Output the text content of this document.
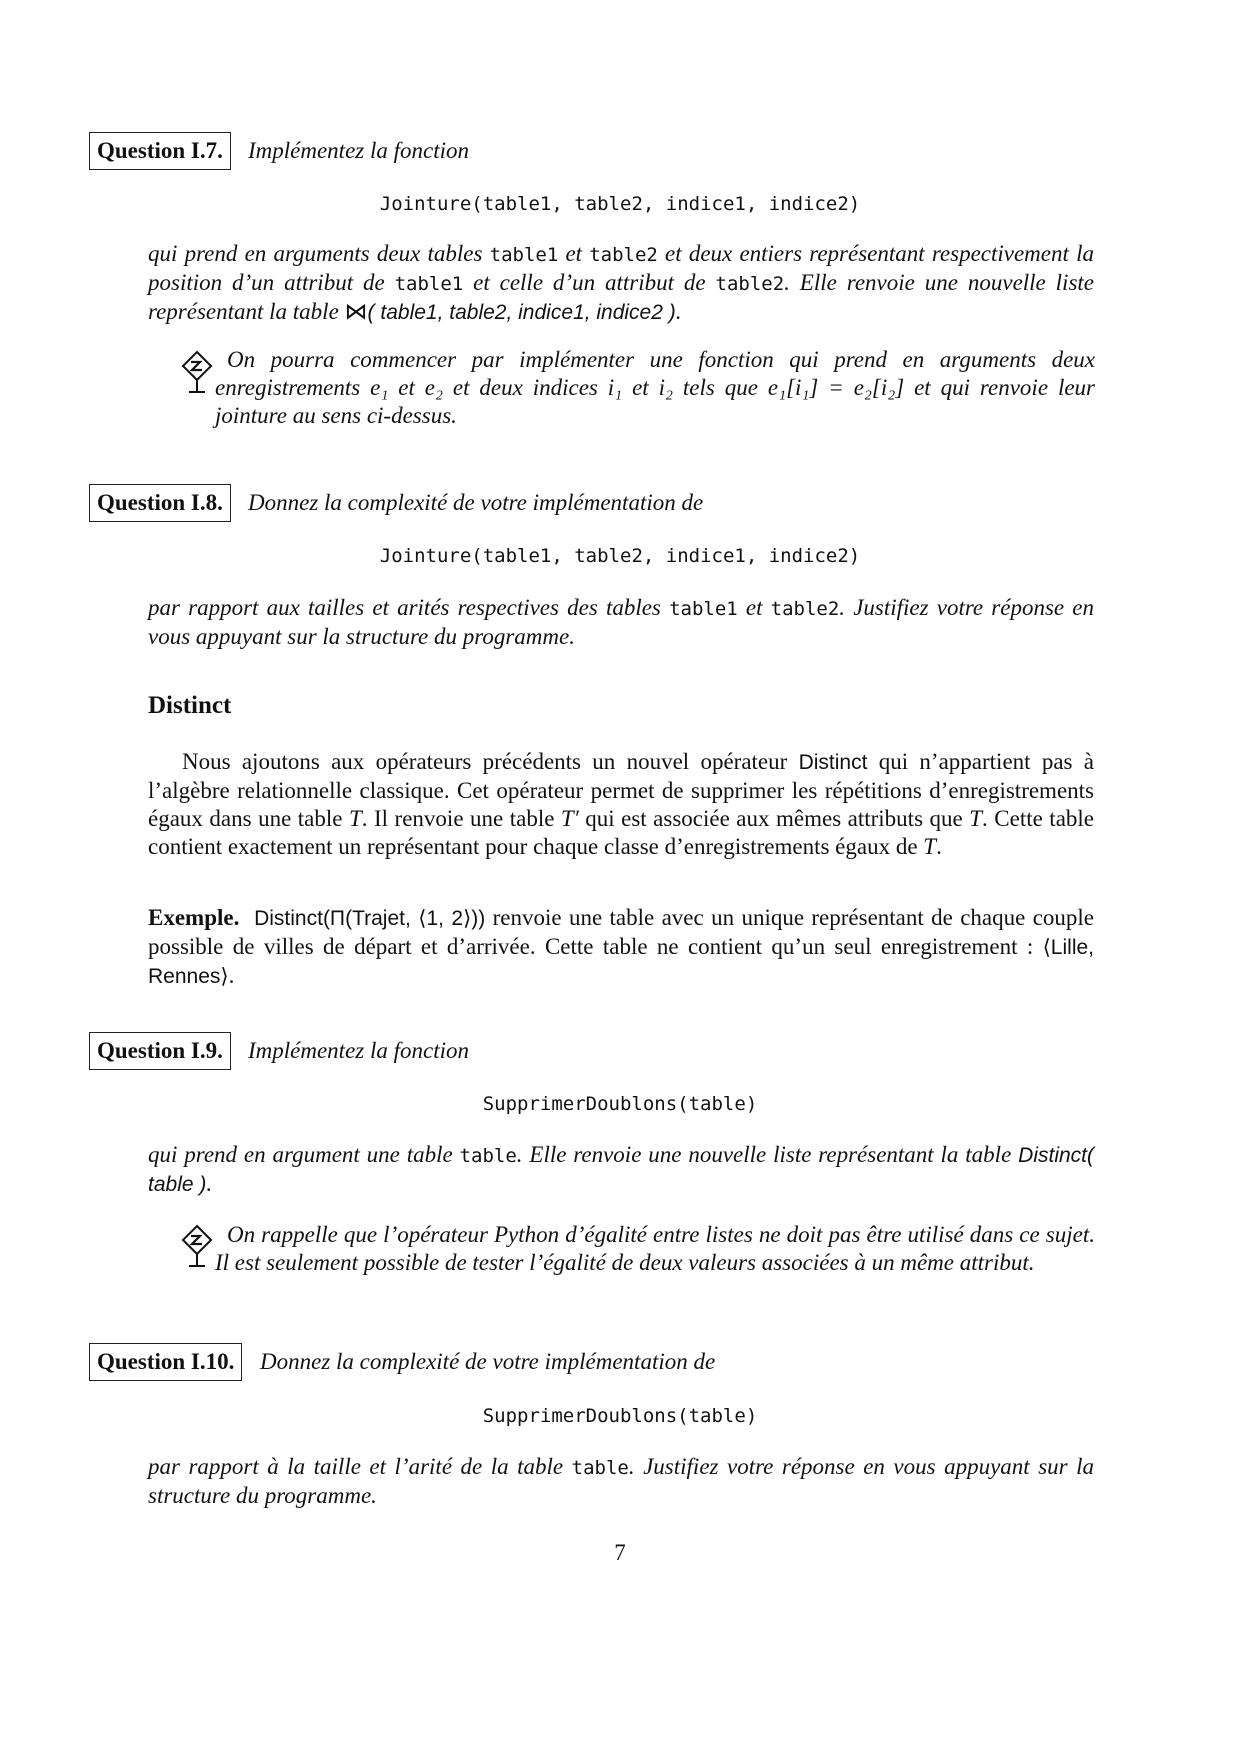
Question I.7.	Implémentez la fonction
Jointure(table1, table2, indice1, indice2)
qui prend en arguments deux tables table1 et table2 et deux entiers représentant respectivement la position d’un attribut de table1 et celle d’un attribut de table2. Elle renvoie une nouvelle liste représentant la table ⋈( table1, table2, indice1, indice2 ).
On pourra commencer par implémenter une fonction qui prend en arguments deux enregistrements e₁ et e₂ et deux indices i₁ et i₂ tels que e₁[i₁] = e₂[i₂] et qui renvoie leur jointure au sens ci-dessus.
Question I.8.	Donnez la complexité de votre implémentation de
Jointure(table1, table2, indice1, indice2)
par rapport aux tailles et arités respectives des tables table1 et table2. Justifiez votre réponse en vous appuyant sur la structure du programme.
Distinct
Nous ajoutons aux opérateurs précédents un nouvel opérateur Distinct qui n’appartient pas à l’algèbre relationnelle classique. Cet opérateur permet de supprimer les répétitions d’enregistrements égaux dans une table T. Il renvoie une table T′ qui est associée aux mêmes attributs que T. Cette table contient exactement un représentant pour chaque classe d’enregistrements égaux de T.
Exemple. Distinct(Π(Trajet, ⟨1, 2⟩)) renvoie une table avec un unique représentant de chaque couple possible de villes de départ et d’arrivée. Cette table ne contient qu’un seul enregistrement : ⟨Lille, Rennes⟩.
Question I.9.	Implémentez la fonction
SupprimerDoublons(table)
qui prend en argument une table table. Elle renvoie une nouvelle liste représentant la table Distinct( table ).
On rappelle que l’opérateur Python d’égalité entre listes ne doit pas être utilisé dans ce sujet. Il est seulement possible de tester l’égalité de deux valeurs associées à un même attribut.
Question I.10.	Donnez la complexité de votre implémentation de
SupprimerDoublons(table)
par rapport à la taille et l’arité de la table table. Justifiez votre réponse en vous appuyant sur la structure du programme.
7
